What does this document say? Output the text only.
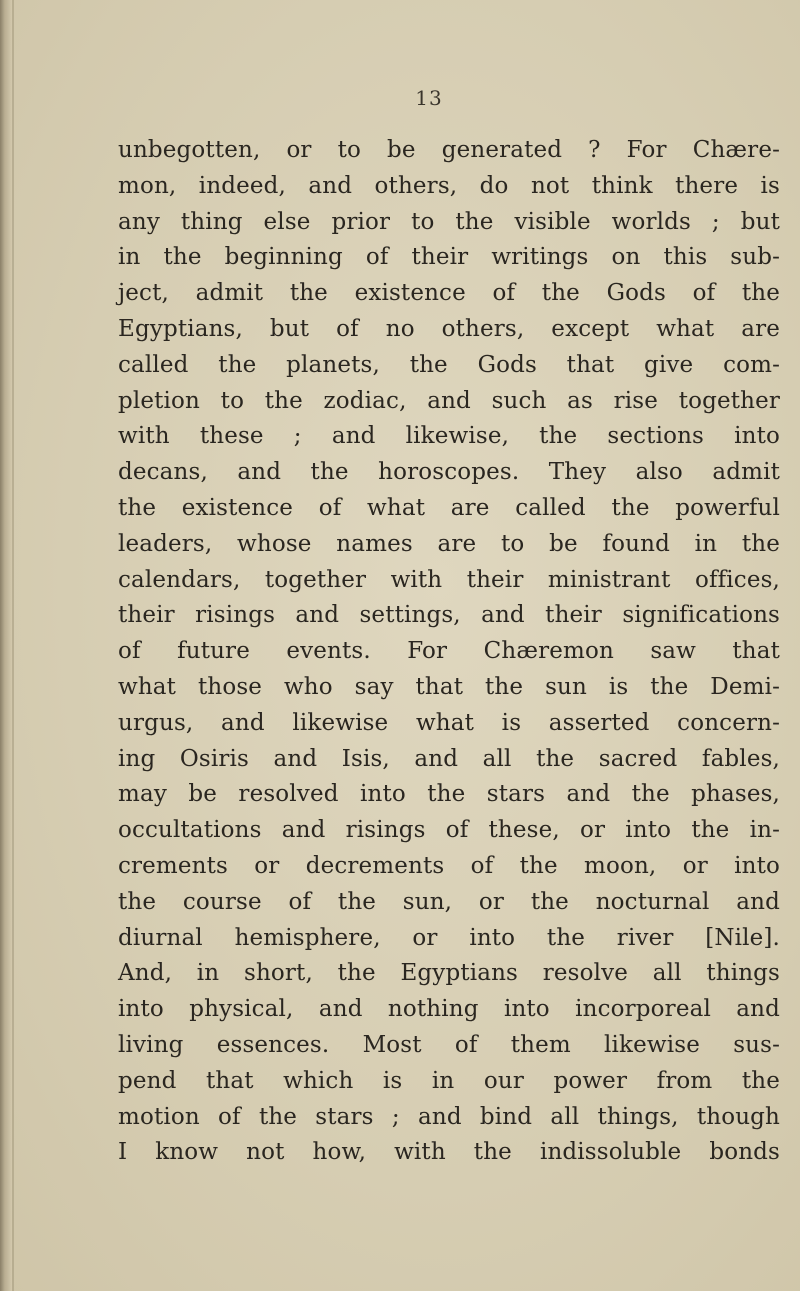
13
unbegotten, or to be generated ? For Chære-
mon, indeed, and others, do not think there is
any thing else prior to the visible worlds ; but
in the beginning of their writings on this sub-
ject, admit the existence of the Gods of the
Egyptians, but of no others, except what are
called the planets, the Gods that give com-
pletion to the zodiac, and such as rise together
with these ; and likewise, the sections into
decans, and the horoscopes. They also admit
the existence of what are called the powerful
leaders, whose names are to be found in the
calendars, together with their ministrant offices,
their risings and settings, and their significations
of future events. For Chæremon saw that
what those who say that the sun is the Demi-
urgus, and likewise what is asserted concern-
ing Osiris and Isis, and all the sacred fables,
may be resolved into the stars and the phases,
occultations and risings of these, or into the in-
crements or decrements of the moon, or into
the course of the sun, or the nocturnal and
diurnal hemisphere, or into the river [Nile].
And, in short, the Egyptians resolve all things
into physical, and nothing into incorporeal and
living essences. Most of them likewise sus-
pend that which is in our power from the
motion of the stars ; and bind all things, though
I know not how, with the indissoluble bonds
